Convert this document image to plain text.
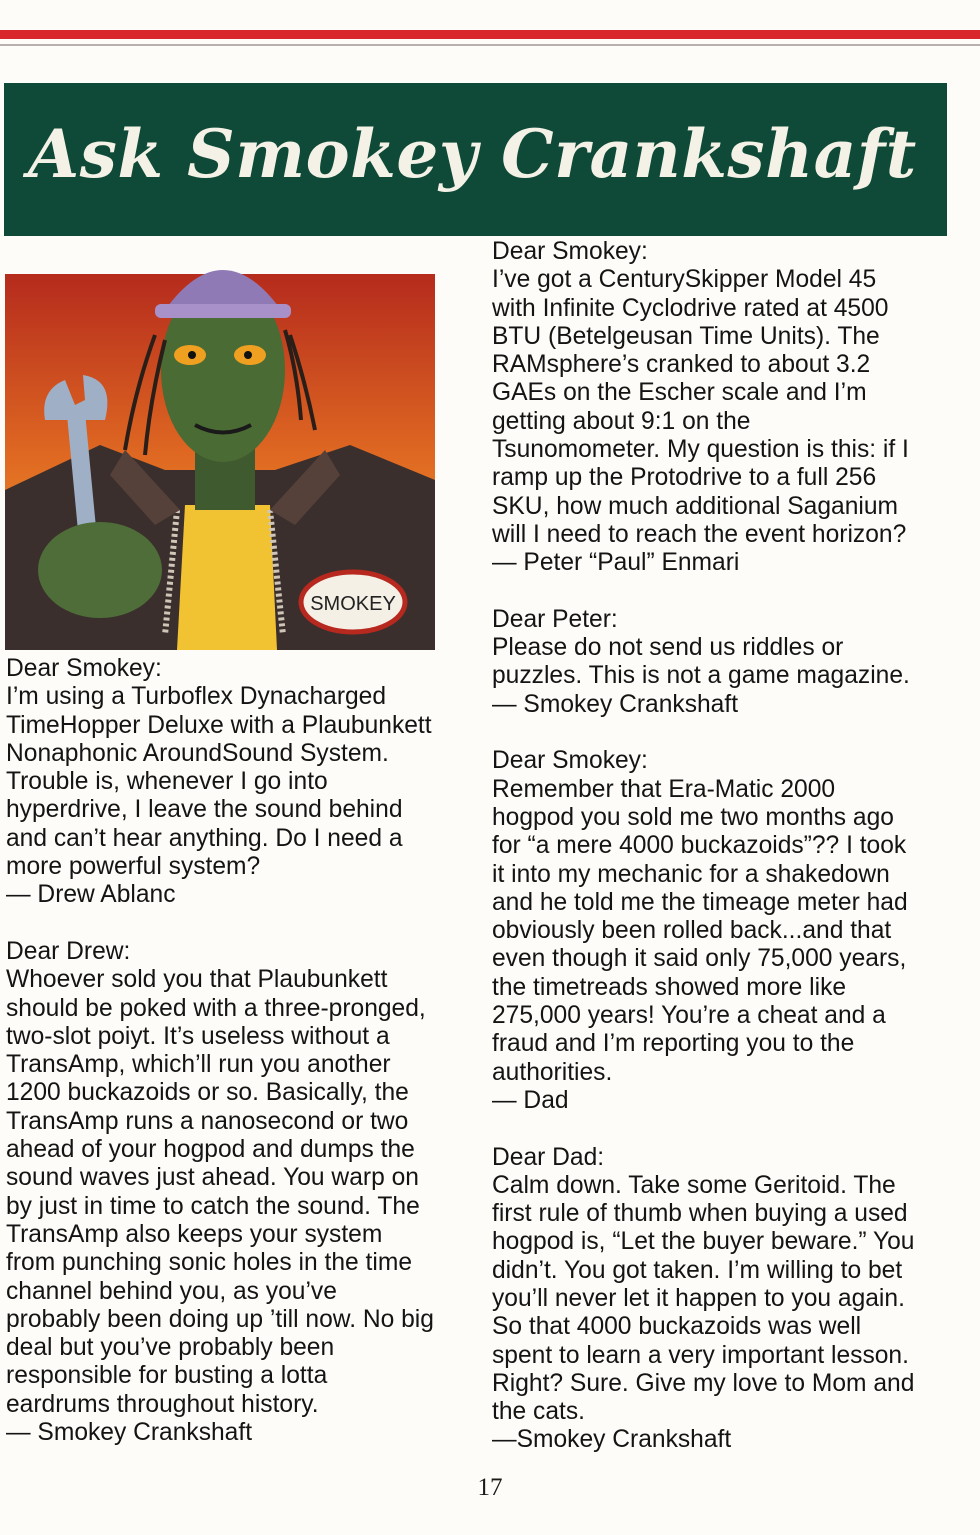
Ask Smokey Crankshaft
SMOKEY
Dear Smokey:
I’m using a Turboflex Dynacharged
TimeHopper Deluxe with a Plaubunkett
Nonaphonic AroundSound System.
Trouble is, whenever I go into
hyperdrive, I leave the sound behind
and can’t hear anything. Do I need a
more powerful system?
— Drew Ablanc
Dear Drew:
Whoever sold you that Plaubunkett
should be poked with a three-pronged,
two-slot poiyt. It’s useless without a
TransAmp, which’ll run you another
1200 buckazoids or so. Basically, the
TransAmp runs a nanosecond or two
ahead of your hogpod and dumps the
sound waves just ahead. You warp on
by just in time to catch the sound. The
TransAmp also keeps your system
from punching sonic holes in the time
channel behind you, as you’ve
probably been doing up ’till now. No big
deal but you’ve probably been
responsible for busting a lotta
eardrums throughout history.
— Smokey Crankshaft
Dear Smokey:
I’ve got a CenturySkipper Model 45
with Infinite Cyclodrive rated at 4500
BTU (Betelgeusan Time Units). The
RAMsphere’s cranked to about 3.2
GAEs on the Escher scale and I’m
getting about 9:1 on the
Tsunomometer. My question is this: if I
ramp up the Protodrive to a full 256
SKU, how much additional Saganium
will I need to reach the event horizon?
— Peter “Paul” Enmari
Dear Peter:
Please do not send us riddles or
puzzles. This is not a game magazine.
— Smokey Crankshaft
Dear Smokey:
Remember that Era-Matic 2000
hogpod you sold me two months ago
for “a mere 4000 buckazoids”?? I took
it into my mechanic for a shakedown
and he told me the timeage meter had
obviously been rolled back...and that
even though it said only 75,000 years,
the timetreads showed more like
275,000 years! You’re a cheat and a
fraud and I’m reporting you to the
authorities.
— Dad
Dear Dad:
Calm down. Take some Geritoid. The
first rule of thumb when buying a used
hogpod is, “Let the buyer beware.” You
didn’t. You got taken. I’m willing to bet
you’ll never let it happen to you again.
So that 4000 buckazoids was well
spent to learn a very important lesson.
Right? Sure. Give my love to Mom and
the cats.
—Smokey Crankshaft
17
